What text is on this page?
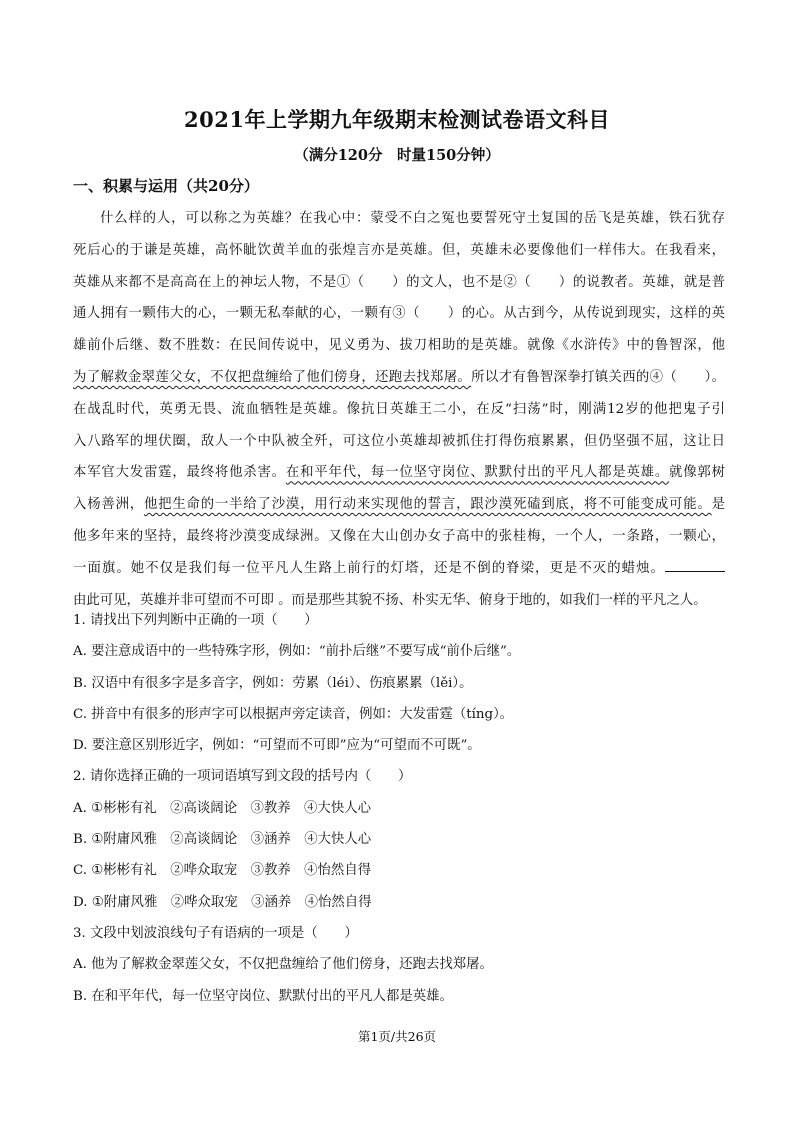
2021年上学期九年级期末检测试卷语文科目
（满分120分　时量150分钟）
一、积累与运用（共20分）
什么样的人，可以称之为英雄？在我心中：蒙受不白之冤也要誓死守土复国的岳飞是英雄，铁石犹存
死后心的于谦是英雄，高怀眦饮黄羊血的张煌言亦是英雄。但，英雄未必要像他们一样伟大。在我看来，
英雄从来都不是高高在上的神坛人物，不是①（　　）的文人，也不是②（　　）的说教者。英雄，就是普
通人拥有一颗伟大的心，一颗无私奉献的心，一颗有③（　　）的心。从古到今，从传说到现实，这样的英
雄前仆后继、数不胜数：在民间传说中，见义勇为、拔刀相助的是英雄。就像《水浒传》中的鲁智深，他
为了解救金翠莲父女，不仅把盘缠给了他们傍身，还跑去找郑屠。所以才有鲁智深拳打镇关西的④（　　）。
在战乱时代，英勇无畏、流血牺牲是英雄。像抗日英雄王二小，在反“扫荡”时，刚满12岁的他把鬼子引
入八路军的埋伏圈，敌人一个中队被全歼，可这位小英雄却被抓住打得伤痕累累，但仍坚强不屈，这让日
本军官大发雷霆，最终将他杀害。在和平年代，每一位坚守岗位、默默付出的平凡人都是英雄。就像郭树
入杨善洲，他把生命的一半给了沙漠，用行动来实现他的誓言，跟沙漠死磕到底，将不可能变成可能。是
他多年来的坚持，最终将沙漠变成绿洲。又像在大山创办女子高中的张桂梅，一个人，一条路，一颗心，
一面旗。她不仅是我们每一位平凡人生路上前行的灯塔，还是不倒的脊梁，更是不灭的蜡烛。
由此可见，英雄并非可望而不可即 。而是那些其貌不扬、朴实无华、俯身于地的，如我们一样的平凡之人。
1. 请找出下列判断中正确的一项（　　）
A. 要注意成语中的一些特殊字形，例如：“前扑后继”不要写成“前仆后继”。
B. 汉语中有很多字是多音字，例如：劳累（léi）、伤痕累累（lěi）。
C. 拼音中有很多的形声字可以根据声旁定读音，例如：大发雷霆（tíng）。
D. 要注意区别形近字，例如：“可望而不可即”应为“可望而不可既”。
2. 请你选择正确的一项词语填写到文段的括号内（　　）
A. ①彬彬有礼　②高谈阔论　③教养　④大快人心
B. ①附庸风雅　②高谈阔论　③涵养　④大快人心
C. ①彬彬有礼　②哗众取宠　③教养　④怡然自得
D. ①附庸风雅　②哗众取宠　③涵养　④怡然自得
3. 文段中划波浪线句子有语病的一项是（　　）
A. 他为了解救金翠莲父女，不仅把盘缠给了他们傍身，还跑去找郑屠。
B. 在和平年代，每一位坚守岗位、默默付出的平凡人都是英雄。
第1页/共26页
